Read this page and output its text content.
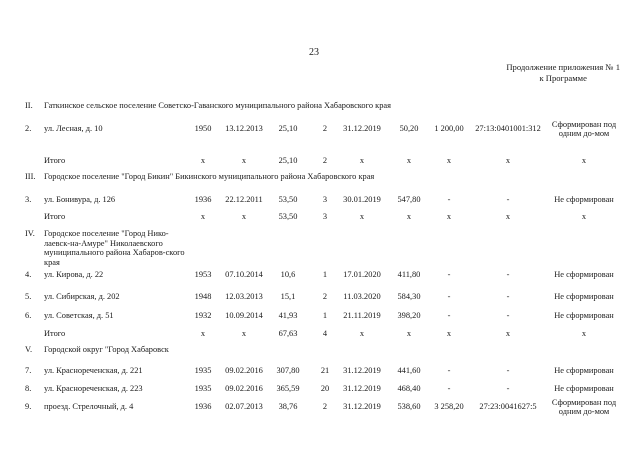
23
Продолжение приложения № 1
к Программе
II. Гаткинское сельское поселение Советско-Гаванского муниципального района Хабаровского края
2.	ул. Лесная, д. 10	1950	13.12.2013	25,10	2	31.12.2019	50,20	1 200,00	27:13:0401001:312	Сформирован под одним до-мом
Итого	x	x	25,10	2	x	x	x	x	x
III. Городское поселение "Город Бикин" Бикинского муниципального района Хабаровского края
3.	ул. Бонивура, д. 126	1936	22.12.2011	53,50	3	30.01.2019	547,80	-	-	Не сформирован
Итого	x	x	53,50	3	x	x	x	x	x
IV. Городское поселение "Город Нико-лаевск-на-Амуре" Николаевского муниципального района Хабаров-ского края
4.	ул. Кирова, д. 22	1953	07.10.2014	10,6	1	17.01.2020	411,80	-	-	Не сформирован
5.	ул. Сибирская, д. 202	1948	12.03.2013	15,1	2	11.03.2020	584,30	-	-	Не сформирован
6.	ул. Советская, д. 51	1932	10.09.2014	41,93	1	21.11.2019	398,20	-	-	Не сформирован
Итого	x	x	67,63	4	x	x	x	x	x
V. Городской округ "Город Хабаровск
7.	ул. Краснореченская, д. 221	1935	09.02.2016	307,80	21	31.12.2019	441,60	-	-	Не сформирован
8.	ул. Краснореченская, д. 223	1935	09.02.2016	365,59	20	31.12.2019	468,40	-	-	Не сформирован
9.	проезд. Стрелочный, д. 4	1936	02.07.2013	38,76	2	31.12.2019	538,60	3 258,20	27:23:0041627:5	Сформирован под одним до-мом
